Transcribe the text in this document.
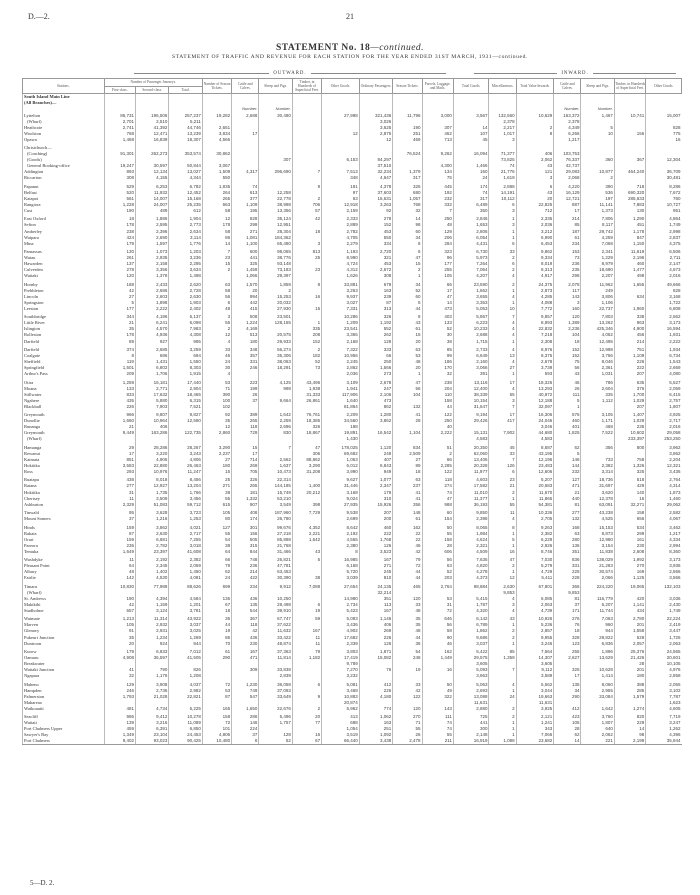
D.—2.	21
STATEMENT No. 18—continued.
STATEMENT OF TRAFFIC AND REVENUE FOR EACH STATION FOR THE YEAR ENDED 31ST MARCH, 1931—continued.
OUTWARD.	INWARD.
Stations.	Number of Passenger Journeys.			Number of Season Tickets.	Cattle and Calves.	Sheep and Pigs.	Timber, in Hundreds of Superficial Feet.	Other Goods.	Ordinary Passengers.	Season Tickets.	Parcels, Luggage, and Mails.	Total Goods.	Miscellaneous.	Total Value Inwards.	Cattle and Calves.	Sheep and Pigs.	Timber, in Hundreds of Superficial Feet.	Other Goods.
	First-class.	Second-class.	Total.															
South Island Main Line																		
(All Branches)—																		
					Number.	Number.									Number.	Number.		
Lyttelton	86,731	196,506	257,237	19,282	2,688	30,480		27,998	321,436	11,796	3,000	3,567	132,560	10,629	163,372	1,467	10,741	15,007
(Wharf)	2,701	2,510	5,211						3,026				2,378		2,378			
Heathcote	2,741	41,392	44,746	2,651					3,625	190	307	14	2,217	2	4,349	5		828
Woolston	768	12,471	13,239	3,834	17			12	2,875	251	462	107	1,017	8	6,266	10	156	775
Opawa	1,468	16,839	18,307	4,566					12	469	713	45	3		1,217			16

Christchurch—																		
(Coaching)	91,301	262,273	353,574	30,862						76,524	9,262	16,094	71,377	406	103,753			
(Goods)						307		6,153	84,297				73,825	2,062	76,337	360	367	12,304
General Booking-office	19,247	30,597	50,844	3,067					37,510		4,300	1,466	74	43	42,737			
Addington	893	12,134	13,027	1,509	4,317	296,690	7	7,513	32,234	1,379	134	160	21,776	121	29,083	10,877	464,240	36,709
Riccarton	308	4,155	4,344	550				348	4,647	317	75	24	1,619	3	2,068	2		30,481

Papanui	529	6,253	6,782	1,835	74		9	181	4,378	326	445	174	2,888	6	4,220	390	718	8,286
Belfast	520	11,932	12,452	264	613	12,258		97	37,603	680	192	74	14,191	43	16,129	536	690,320	7,672
Kaiapoi	561	14,007	15,168	265	377	22,778	2	63	15,631	1,057	232	317	10,112	20	12,721	197	285,633	760
Rangiora	1,228	24,007	25,235	663	1,109	38,998	706	12,918	3,263	768	332	6,489	6	22,825	887	11,141	7,883	10,727
Cust	190	489	612	58	195	13,356	57	2,159	92	32	7	350	3	712	17	1,373	130	951

East Oxford	18	1,886	1,904	12	828	35,124	42	2,333	278	14	250	2,846	1	2,335	214	7,806	1,290	4,864
Sefton	178	2,595	2,773	178	299	12,951		2,889	152	98	48	1,653	3	2,036	85	8,117	451	1,749
Amberley	238	2,396	2,634	58	271	28,304	18	2,782	453	60	129	2,806	1	3,212	187	29,742	1,178	2,998
Waipara	424	2,690	3,114	86	1,081	184,362		4,705	550	34	206	6,054	1	6,990	61	4,259	847	2,837
Mina	179	1,597	1,776	14	1,100	65,480	3	2,279	334	8	284	4,431	6	6,453	234	7,068	1,150	4,375

Parnassus	130	1,073	1,203	7	600	98,065	813	1,193	2,720	6	323	6,730	33	9,862	153	2,341	11,619	6,506
Waiau	261	2,935	3,236	23	441	38,776	25	8,990	321	47	96	5,973	2	9,334	73	1,229	2,196	2,711
Hawarden	137	2,158	2,295	15	325	93,148		4,724	453	15	177	7,264	6	8,019	236	8,979	460	2,147
Culverden	278	3,356	3,634	2	1,459	73,183	23	4,312	2,672	2	255	7,064	2	8,313	235	18,690	1,477	4,673
Waitaki	120	1,378	1,498		1,066	29,397		1,626	308	1	105	4,207	4	4,917	298	2,207	498	2,016

Hornby	188	2,433	2,620	63	1,570	1,859	8	33,881	679	34	66	23,590	2	24,375	2,078	11,962	1,655	49,666
Prebbleton	42	2,686	2,728	58	20	2		3,263	163	52	17	1,662	1	2,873	117	249		828
Lincoln	27	2,603	2,630	56	994	15,253	16	9,937	239	60	47	3,655	4	4,285	143	3,806	634	3,168
Springston	5	1,898	1,903	6	442	20,032		3,027	87	5	14	3,353	1	4,088	3	1,106		1,722
Leeston	177	2,222	2,402	48	415	27,930	15	7,331	313	44	473	5,053	10	7,772	160	22,737	1,960	6,808

Southbridge	344	4,196	5,137	3	508	23,501		10,286	326	8	403	5,867	7	9,857	120	7,803	338	2,562
Little River	21	6,241	6,098	55	1,224	128,155	1	1,209	1,192	43	133	6,223	4	8,993	1,389	13,262	963	3,173
Islington	35	4,570	7,983	2	4,169		335	23,541	552	61	52	10,233	4	22,832	2,236	425,346	4,900	16,594
Rolleston	178	4,936	4,308	12	513	20,575	208	3,365	262	15	30	2,688	4	7,218	104	4,062	456	1,931
Darfield	89	927	995	4	180	29,933	152	2,168	128	20	38	1,715	1	2,308	18	12,495	214	2,222

Darfield	374	2,685	3,259	33	348	56,274	2	7,322	333	63	85	2,733	4	8,976	152	12,998	751	1,934
Coalgate	8	686	694	46	357	35,306	182	10,956	66	53	99	6,649	13	8,375	152	3,756	1,109	6,734
Sheffield	119	1,431	1,550	24	331	38,063	52	2,245	250	48	186	2,160	4	2,678	75	8,046	226	1,543
Springfield	1,501	6,802	8,303	30	246	18,291	73	2,862	1,566	20	170	3,066	27	3,739	56	2,361	222	2,669
Arthur's Pass	209	1,706	1,915	4				2,036	273	1	32	391	1	593	43	1,031	207	4,080

Otira	1,259	16,181	17,440	53	223	4,125	43,495	3,109	2,678	47	238	13,116	17	18,326	46	786	635	5,527
Moana	133	2,771	2,904	71	199	998	1,938	1,941	247	56	204	12,400	4	13,293	26	2,604	376	2,059
Stillwater	833	17,632	18,465	390	26		31,333	117,906	2,106	104	110	38,339	55	40,872	111	335	1,700	6,415
Ngahere	435	5,880	6,315	100	37	9,664	26,861	1,640	473		158	10,154	3	12,188	5	1,112	1,029	2,757
Blackball	226	7,903	7,521	102				81,864	862	132	44	31,647	7	32,097	1		207	1,807

Greymouth	966	9,807	9,827	92	389	1,642	76,761	2,209	1,280	41	122	9,194	17	16,306	576	3,105	1,407	4,925
Dunollie	1,660	10,964	12,590	35	265	2,259	18,385	34,560	3,862	28	250	29,426	417	24,046	460	1,171	1,029	2,717
Runanga	21	406		12	118	2,696	326	188			40			3,046	401	468	235	2,016
Greymouth	9,449	163,286	122,735	2,860	729	830	18,867	19,891	16,542	1,104	2,222	15,131	7,902	44,680	1,825	7,522	10,602	29,058
(Wharf)								1,430				4,583		4,583			233,397	253,250

Hamanga	29	28,286	28,267	3,290	15	7	47	178,025	1,120	834	51	20,350	45	8,587	62	356	800	3,962
Rewanui	17	3,220	3,243	2,237	17		306	69,682	248	2,509	2	62,060	33	43,195	5			3,862
Kaimata	851	4,906	4,806	27	714	2,562	88,862	1,063	407	27	66	13,406	7	12,196	146	733	758	2,204
Hokitika	3,583	22,880	26,463	180	269	1,637	3,290	6,012	6,843	89	2,285	20,328	126	23,483	144	2,382	1,326	12,321
Ross	293	10,976	11,247	15	705	10,473	31,208	3,990	949	18	122	11,977	6	12,606	232	3,314	325	3,436

Ruatapu	438	8,018	8,456	25	326	22,314		9,627	1,077	63	118	4,603	23	5,207	127	18,736	518	2,764
Ratana	277	12,927	13,204	271	265	144,185	1,400	31,446	2,347	237	274	17,582	21	20,683	471	31,697	429	4,314
Hokitika	31	1,735	1,766	38	181	15,749	20,212	3,168	179	41	74	11,010	2	11,670	21	3,620	140	1,873
Chertsey	11	3,509	3,456	55	1,332	53,210		9,024	310	41	47	11,377	1	11,865	440	12,378	16	1,460
Ashburton	2,329	51,083	59,712	615	907	3,549	398	27,935	15,926	356	988	36,193	55	54,381	81	63,091	32,271	29,062

Tinwald	95	3,628	3,723	105	408	187,960	7,729	9,538	207	148	60	9,850	11	10,336	277	43,238	158	2,582
Mount Somers	37	1,216	1,253	80	174	26,780		2,699	200	61	154	2,398	4	2,705	132	4,525	656	4,067

Hinds	159	3,862	4,021	127	301	99,676	4,352	8,642	460	162	50	8,065	8	9,263	168	15,153	534	3,462
Rakaia	87	2,630	2,717	55	156	27,218	2,221	2,192	222	22	55	1,984	1	2,382	63	8,873	299	1,217
Orari	159	6,681	7,255	54	505	85,898	1,642	4,565	1,768	22	158	4,624	5	6,229	280	12,980	161	4,334
Pareora	236	2,782	3,018	38	315	21,768		2,380	126	46	28	2,321	1	2,926	136	3,154	230	2,994
Temuka	1,649	23,397	41,608	64	844	31,466	43	8	3,523	42	606	4,509	16	8,746	351	11,838	2,608	8,360

Washdyke	11	2,192	2,382	66	748	26,821	5	16,985	167	79	56	7,635	47	7,030	836	138,029	1,992	3,173
Pleasant Point	64	2,345	2,069	79	236	47,781		6,168	271	72	63	4,820	2	5,279	331	21,283	270	3,936
Albury	48	1,402	1,450	62	214	63,453		5,720	245	44	52	4,278	1	4,729	225	30,574	169	2,566
Fairlie	142	4,530	4,081	24	422	30,390	38	3,039	810	44	203	4,373	12	5,411	228	2,066	1,125	3,566

Timaru	10,830	77,988	88,626	699	234	9,912	7,088	27,654	24,135	465	2,764	98,884	2,630	67,801	366	224,220	19,065	132,103
(Wharf)									32,214				9,853		9,853			
St. Andrews	190	4,394	4,584	136	436	10,250		14,980	351	120	53	5,415	4	6,085	81	116,779	420	3,036
Makikihi	42	1,159	1,201	67	135	28,498	6	2,734	113	33	31	1,787	3	2,063	37	6,207	1,141	2,430
Studholme	657	3,124	3,781	18	544	39,910	19	5,423	167	48	72	4,320	4	4,739	171	11,744	434	1,749

Waimate	1,213	11,314	43,922	35	367	67,747	59	5,093	1,146	35	646	6,142	43	10,926	276	7,063	2,780	22,224
Marven	105	2,932	3,037	44	118	37,622		3,436	406	35	56	6,789	1	5,236	76	960	201	2,419
Glenavy	91	2,931	3,025	19	42	11,632	167	4,902	269	48	58	1,862	2	2,857	18	944	1,558	3,447
Pukeuri Junction	35	1,234	1,269	86	436	33,422	11	17,682	226	44	90	9,686	2	9,955	328	29,822	528	1,725
Duntroon	20	924	944	70	230	48,874	11	2,339	126	36	46	3,037	1	3,246	123	6,836	2,057	2,063

Kurow	179	6,833	7,012	61	167	37,363	79	3,803	1,871	54	162	5,422	85	7,564	255	1,896	25,376	24,565
Oamaru	4,908	36,597	41,505	290	471	11,814	1,182	17,419	15,082	248	1,449	29,575	1,359	14,307	2,627	13,629	21,426	20,601
Breakwater								9,789				3,605		3,605			28	10,105
Waitaki Junction	41	790	826		309	33,838		7,270	76	19	16	5,093	7	9,112	325	10,628	201	4,976
Ngapara	32	1,176	1,208			2,839		3,232				3,663		3,589	17	1,414	180	2,858

Maheno	129	3,908	4,037	72	1,230	36,058	6	5,081	412	33	50	5,063	4	5,562	135	8,060	388	2,055
Hampden	246	2,736	2,982	53	749	37,093		3,468	226	42	49	2,693	1	3,044	34	2,955	285	3,102
Palmerston	1,793	21,028	22,821	87	547	33,649	9	10,883	4,180	122	322	13,088	24	19,663	290	33,084	1,579	7,787
Makareao								20,874				11,631		11,631				1,623
Waikouaiti	481	4,734	5,225	165	1,650	22,676	2	5,962	774	120	143	2,880	2	3,925	412	1,642	1,274	4,605

Seacliff	986	9,412	10,278	158	286	5,496	20	413	1,062	270	111	725	2	2,121	423	3,760	820	7,719
Waitati	139	3,216	11,089	72	146	1,757	77	688	163	71	74	441	1	1,241	105	1,807	229	3,247
Port Chalmers Upper	459	6,391	6,850	101	224			1,054	251	55	74	300	1	343	28	640	14	1,262
Sawyer's Bay	1,349	23,104	24,453	4,806	37	128	16	3,519	1,092	26	55	2,148	1	7,066	62	2,062	98	4,396
Port Chalmers	9,402	93,023	90,425	10,480	6	52	67	66,440	3,438	2,478	211	16,919	1,088	23,682	14	221	2,199	35,944
5—D. 2.
